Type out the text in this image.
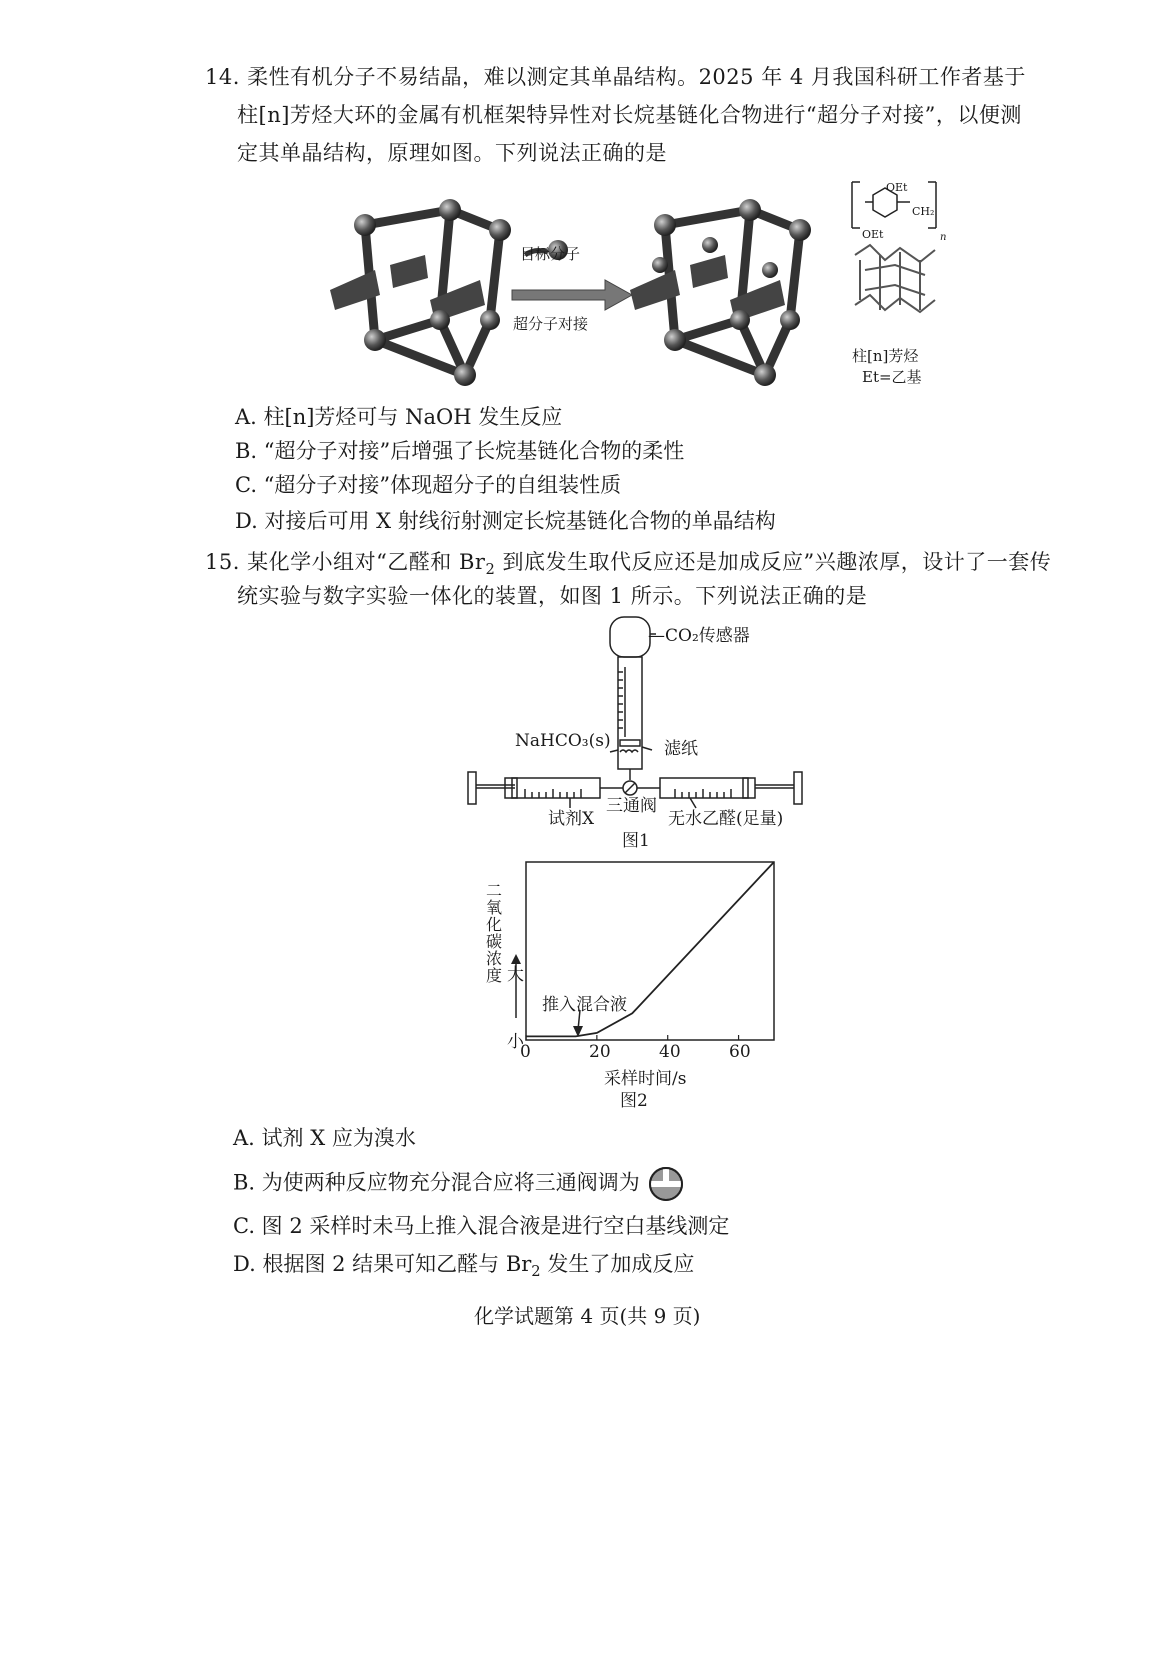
14. 柔性有机分子不易结晶，难以测定其单晶结构。2025 年 4 月我国科研工作者基于
柱[n]芳烃大环的金属有机框架特异性对长烷基链化合物进行“超分子对接”，以便测
定其单晶结构，原理如图。下列说法正确的是
目标分子
超分子对接
OEt
CH₂
OEt	n
柱[n]芳烃
Et=乙基
A. 柱[n]芳烃可与 NaOH 发生反应
B. “超分子对接”后增强了长烷基链化合物的柔性
C. “超分子对接”体现超分子的自组装性质
D. 对接后可用 X 射线衍射测定长烷基链化合物的单晶结构
15. 某化学小组对“乙醛和 $Br_2$ 到底发生取代反应还是加成反应”兴趣浓厚，设计了一套传
统实验与数字实验一体化的装置，如图 1 所示。下列说法正确的是
—CO₂传感器
NaHCO₃(s)	滤纸
试剂X
三通阀
无水乙醛(足量)
图1
二氧化碳浓度 大
小
推入混合液
0	20	40	60
采样时间/s
图2
A. 试剂 X 应为溴水
B. 为使两种反应物充分混合应将三通阀调为
C. 图 2 采样时未马上推入混合液是进行空白基线测定
D. 根据图 2 结果可知乙醛与 $Br_2$ 发生了加成反应
化学试题第 4 页(共 9 页)
